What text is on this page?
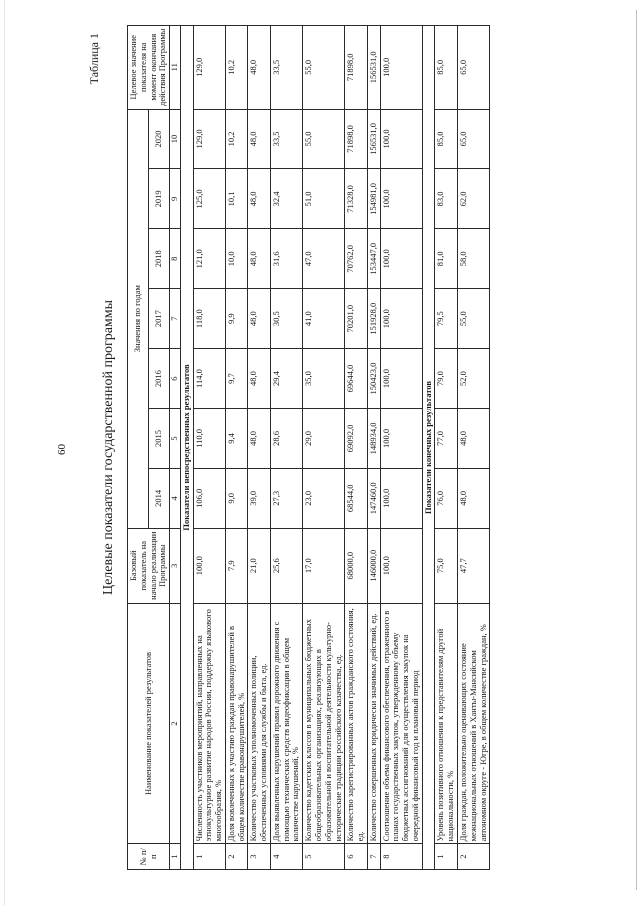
60
Таблица 1
Целевые показатели государственной программы
№ п/п	Наименование показателей результатов	Базовый показатель на начало реализации Программы	Значения по годам							Целевое значение показателя на момент окончания действия Программы
			2014	2015	2016	2017	2018	2019	2020	
1	2	3	4	5	6	7	8	9	10	11
Показатели непосредственных результатов										
1	Численность участников мероприятий, направленных на этнокультурное развитие народов России, поддержку языкового многообразия, %	100,0	106,0	110,0	114,0	118,0	121,0	125,0	129,0	129,0
2	Доля вовлеченных к участию граждан правонарушителей в общем количестве правонарушителей, %	7,9	9,0	9,4	9,7	9,9	10,0	10,1	10,2	10,2
3	Количество участковых уполномоченных полиции, обеспеченных условиями для службы и быта, ед.	21,0	39,0	48,0	48,0	48,0	48,0	48,0	48,0	48,0
4	Доля выявленных нарушений правил дорожного движения с помощью технических средств видеофиксации в общем количестве нарушений, %	25,6	27,3	28,6	29,4	30,5	31,6	32,4	33,5	33,5
5	Количество кадетских классов в муниципальных бюджетных общеобразовательных организациях, реализующих в образовательной и воспитательной деятельности культурно-исторические традиции российского казачества, ед.	17,0	23,0	29,0	35,0	41,0	47,0	51,0	55,0	55,0
6	Количество зарегистрированных актов гражданского состояния, ед.	68000,0	68544,0	69092,0	69644,0	70201,0	70762,0	71328,0	71898,0	71898,0
7	Количество совершенных юридически значимых действий, ед.	146000,0	147460,0	148934,0	150423,0	151928,0	153447,0	154981,0	156531,0	156531,0
8	Соотношение объема финансового обеспечения, отраженного в планах государственных закупок, утвержденному объему бюджетных ассигнований для осуществления закупок на очередной финансовый год и плановый период	100,0	100,0	100,0	100,0	100,0	100,0	100,0	100,0	100,0
Показатели конечных результатов										
1	Уровень позитивного отношения к представителям другой национальности, %	75,0	76,0	77,0	79,0	79,5	81,0	83,0	85,0	85,0
2	Доля граждан, положительно оценивающих состояние межнациональных отношений в Ханты-Мансийском автономном округе - Югре, в общем количестве граждан, %	47,7	48,0	48,0	52,0	55,0	58,0	62,0	65,0	65,0
